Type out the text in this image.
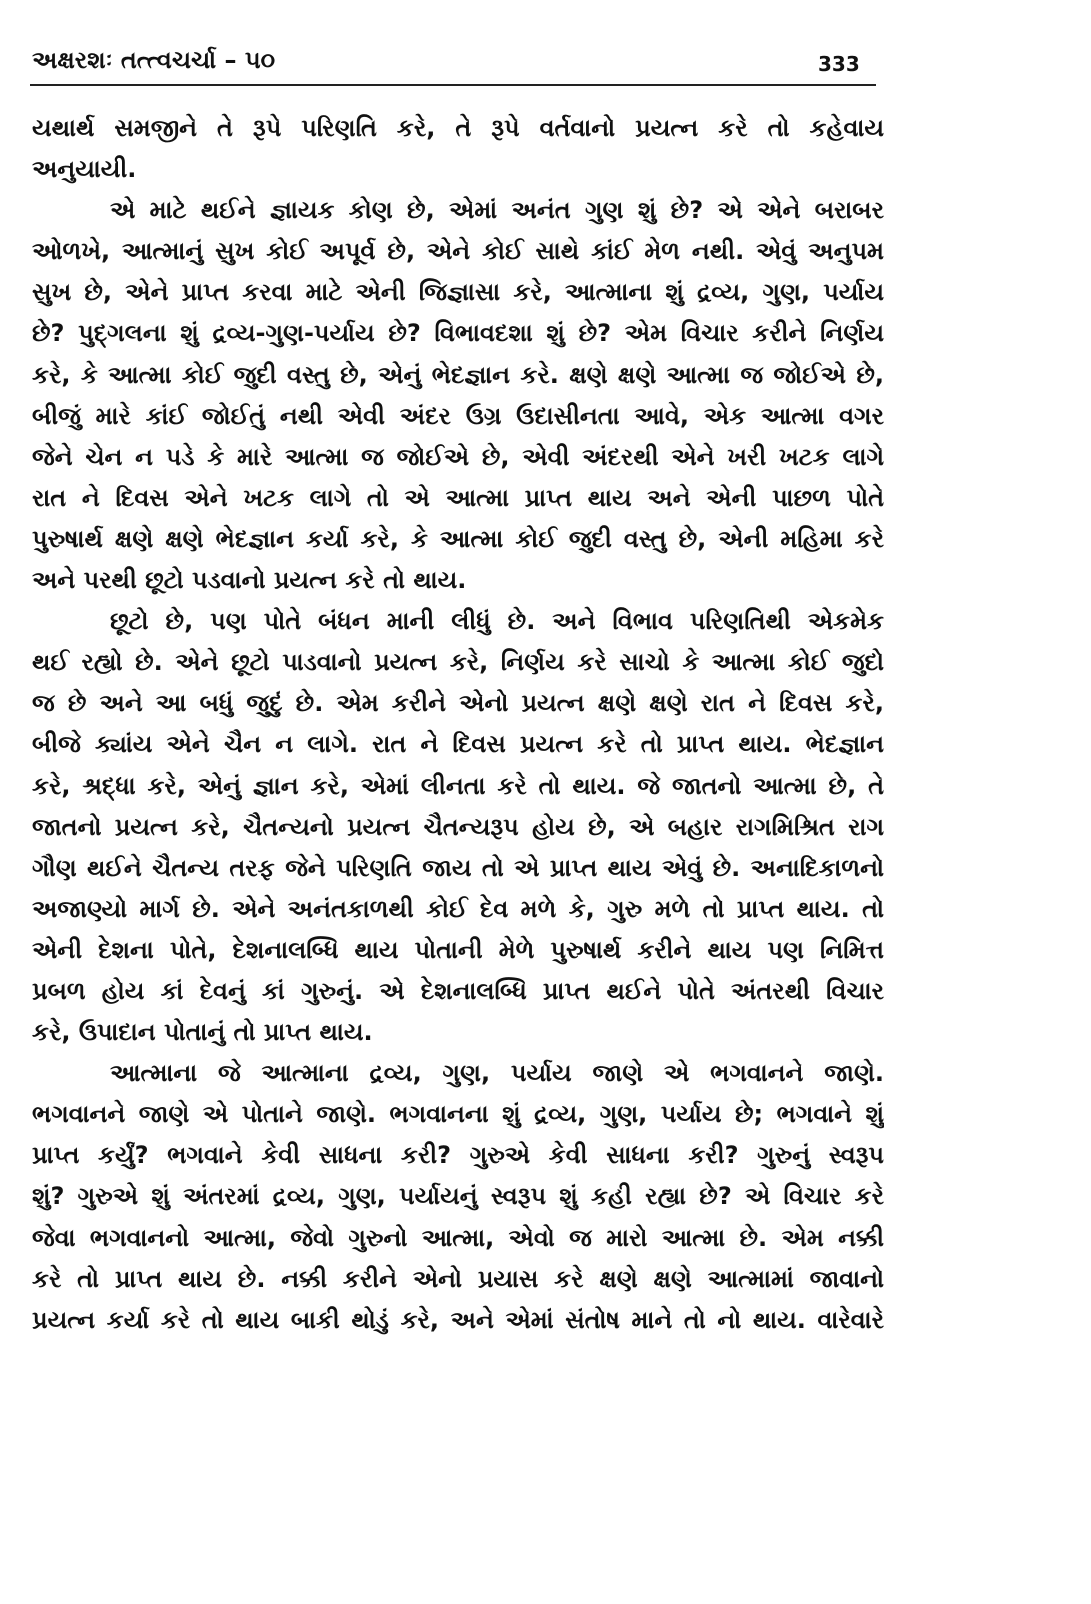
અક્ષરશઃ તત્ત્વચર્ચા – ૫૦	333
યથાર્થ સમજીને તે રૂપે પરિણતિ કરે, તે રૂપે વર્તવાનો પ્રયત્ન કરે તો કહેવાય
અનુયાયી.
એ માટે થઈને જ્ઞાયક કોણ છે, એમાં અનંત ગુણ શું છે? એ એને બરાબર
ઓળખે, આત્માનું સુખ કોઈ અપૂર્વ છે, એને કોઈ સાથે કાંઈ મેળ નથી. એવું અનુપમ
સુખ છે, એને પ્રાપ્ત કરવા માટે એની જિજ્ઞાસા કરે, આત્માના શું દ્રવ્ય, ગુણ, પર્યાય
છે? પુદ્ગલના શું દ્રવ્ય-ગુણ-પર્યાય છે? વિભાવદશા શું છે? એમ વિચાર કરીને નિર્ણય
કરે, કે આત્મા કોઈ જુદી વસ્તુ છે, એનું ભેદજ્ઞાન કરે. ક્ષણે ક્ષણે આત્મા જ જોઈએ છે,
બીજું મારે કાંઈ જોઈતું નથી એવી અંદર ઉગ્ર ઉદાસીનતા આવે, એક આત્મા વગર
જેને ચેન ન પડે કે મારે આત્મા જ જોઈએ છે, એવી અંદરથી એને ખરી ખટક લાગે
રાત ને દિવસ એને ખટક લાગે તો એ આત્મા પ્રાપ્ત થાય અને એની પાછળ પોતે
પુરુષાર્થ ક્ષણે ક્ષણે ભેદજ્ઞાન કર્યા કરે, કે આત્મા કોઈ જુદી વસ્તુ છે, એની મહિમા કરે
અને પરથી છૂટો પડવાનો પ્રયત્ન કરે તો થાય.
છૂટો છે, પણ પોતે બંધન માની લીધું છે. અને વિભાવ પરિણતિથી એકમેક
થઈ રહ્યો છે. એને છૂટો પાડવાનો પ્રયત્ન કરે, નિર્ણય કરે સાચો કે આત્મા કોઈ જુદો
જ છે અને આ બધું જુદું છે. એમ કરીને એનો પ્રયત્ન ક્ષણે ક્ષણે રાત ને દિવસ કરે,
બીજે ક્યાંય એને ચૈન ન લાગે. રાત ને દિવસ પ્રયત્ન કરે તો પ્રાપ્ત થાય. ભેદજ્ઞાન
કરે, શ્રદ્ધા કરે, એનું જ્ઞાન કરે, એમાં લીનતા કરે તો થાય. જે જાતનો આત્મા છે, તે
જાતનો પ્રયત્ન કરે, ચૈતન્યનો પ્રયત્ન ચૈતન્યરૂપ હોય છે, એ બહાર રાગમિશ્રિત રાગ
ગૌણ થઈને ચૈતન્ય તરફ જેને પરિણતિ જાય તો એ પ્રાપ્ત થાય એવું છે. અનાદિકાળનો
અજાણ્યો માર્ગ છે. એને અનંતકાળથી કોઈ દેવ મળે કે, ગુરુ મળે તો પ્રાપ્ત થાય. તો
એની દેશના પોતે, દેશનાલબ્ધિ થાય પોતાની મેળે પુરુષાર્થ કરીને થાય પણ નિમિત્ત
પ્રબળ હોય કાં દેવનું કાં ગુરુનું. એ દેશનાલબ્ધિ પ્રાપ્ત થઈને પોતે અંતરથી વિચાર
કરે, ઉપાદાન પોતાનું તો પ્રાપ્ત થાય.
આત્માના જે આત્માના દ્રવ્ય, ગુણ, પર્યાય જાણે એ ભગવાનને જાણે.
ભગવાનને જાણે એ પોતાને જાણે. ભગવાનના શું દ્રવ્ય, ગુણ, પર્યાય છે; ભગવાને શું
પ્રાપ્ત કર્યું? ભગવાને કેવી સાધના કરી? ગુરુએ કેવી સાધના કરી? ગુરુનું સ્વરૂપ
શું? ગુરુએ શું અંતરમાં દ્રવ્ય, ગુણ, પર્યાયનું સ્વરૂપ શું કહી રહ્યા છે? એ વિચાર કરે
જેવા ભગવાનનો આત્મા, જેવો ગુરુનો આત્મા, એવો જ મારો આત્મા છે. એમ નક્કી
કરે તો પ્રાપ્ત થાય છે. નક્કી કરીને એનો પ્રયાસ કરે ક્ષણે ક્ષણે આત્મામાં જાવાનો
પ્રયત્ન કર્યા કરે તો થાય બાકી થોડું કરે, અને એમાં સંતોષ માને તો નો થાય. વારેવારે
